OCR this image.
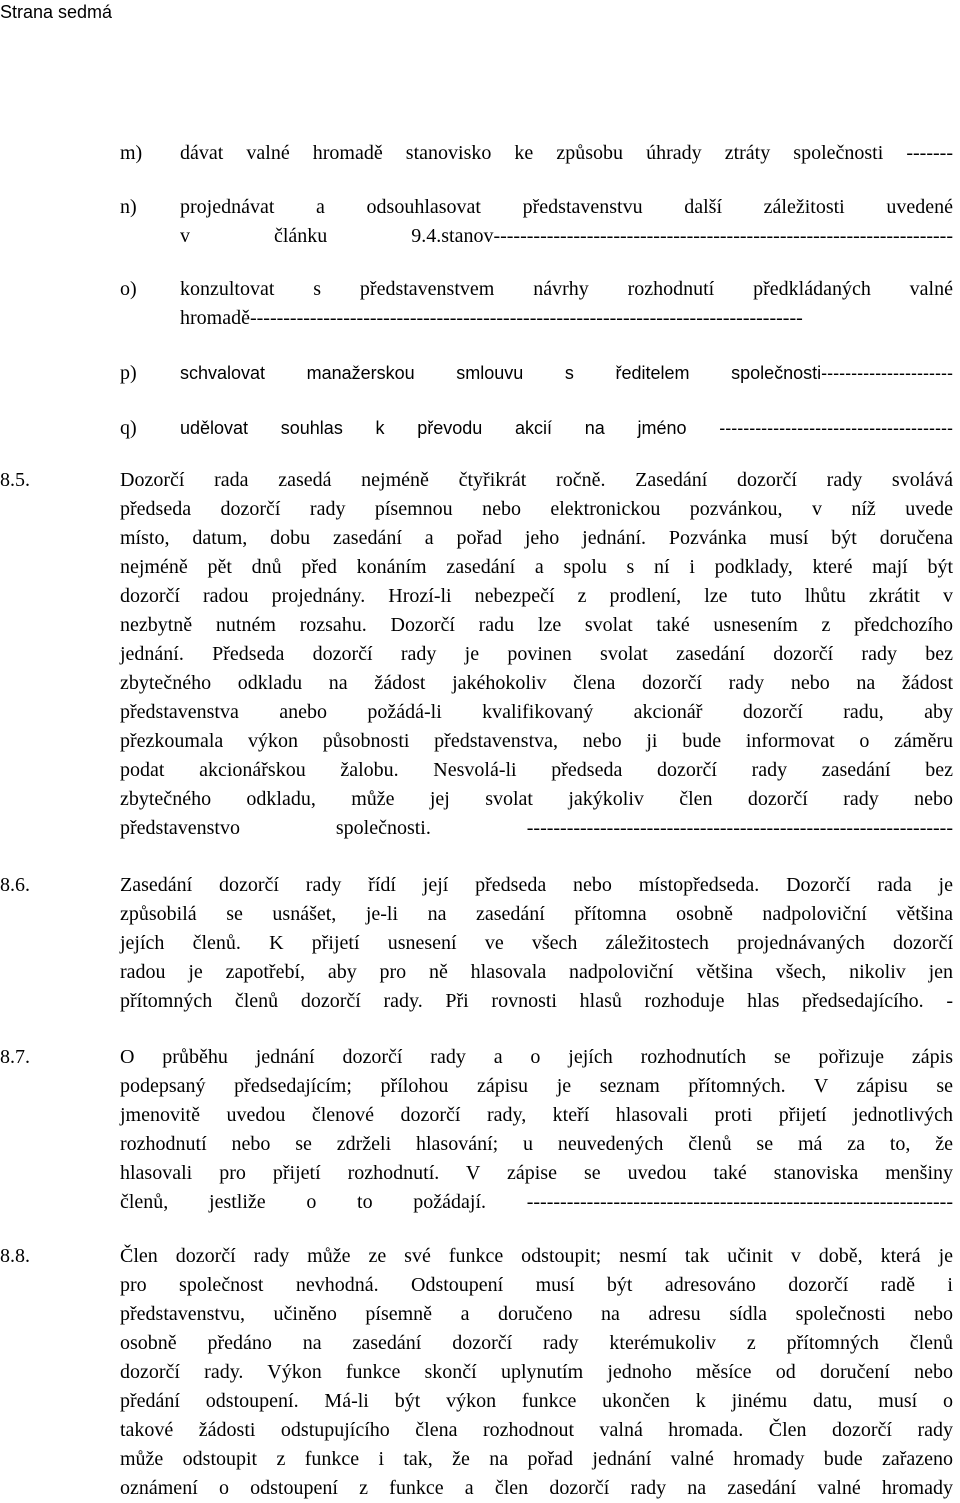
Strana sedmá
m) dávat valné hromadě stanovisko ke způsobu úhrady ztráty společnosti -------
n) projednávat a odsouhlasovat představenstvu další záležitosti uvedené
v článku 9.4.stanov---------------------------------------------------------------------
o) konzultovat s představenstvem návrhy rozhodnutí předkládaných valné
hromadě-----------------------------------------------------------------------------------
p) schvalovat manažerskou smlouvu s ředitelem společnosti----------------------
q) udělovat souhlas k převodu akcií na jméno ---------------------------------------
8.5.	Dozorčí rada zasedá nejméně čtyřikrát ročně. Zasedání dozorčí rady svolává
předseda dozorčí rady písemnou nebo elektronickou pozvánkou, v níž uvede
místo, datum, dobu zasedání a pořad jeho jednání. Pozvánka musí být doručena
nejméně pět dnů před konáním zasedání a spolu s ní i podklady, které mají být
dozorčí radou projednány. Hrozí-li nebezpečí z prodlení, lze tuto lhůtu zkrátit v
nezbytně nutném rozsahu. Dozorčí radu lze svolat také usnesením z předchozího
jednání. Předseda dozorčí rady je povinen svolat zasedání dozorčí rady bez
zbytečného odkladu na žádost jakéhokoliv člena dozorčí rady nebo na žádost
představenstva anebo požádá-li kvalifikovaný akcionář dozorčí radu, aby
přezkoumala výkon působnosti představenstva, nebo ji bude informovat o záměru
podat akcionářskou žalobu. Nesvolá-li předseda dozorčí rady zasedání bez
zbytečného odkladu, může jej svolat jakýkoliv člen dozorčí rady nebo
představenstvo společnosti. ----------------------------------------------------------------
8.6.	Zasedání dozorčí rady řídí její předseda nebo místopředseda. Dozorčí rada je
způsobilá se usnášet, je-li na zasedání přítomna osobně nadpoloviční většina
jejích členů. K přijetí usnesení ve všech záležitostech projednávaných dozorčí
radou je zapotřebí, aby pro ně hlasovala nadpoloviční většina všech, nikoliv jen
přítomných členů dozorčí rady. Při rovnosti hlasů rozhoduje hlas předsedajícího. -
8.7.	O průběhu jednání dozorčí rady a o jejích rozhodnutích se pořizuje zápis
podepsaný předsedajícím; přílohou zápisu je seznam přítomných. V zápisu se
jmenovitě uvedou členové dozorčí rady, kteří hlasovali proti přijetí jednotlivých
rozhodnutí nebo se zdrželi hlasování; u neuvedených členů se má za to, že
hlasovali pro přijetí rozhodnutí. V zápise se uvedou také stanoviska menšiny
členů, jestliže o to požádají. ----------------------------------------------------------------
8.8.	Člen dozorčí rady může ze své funkce odstoupit; nesmí tak učinit v době, která je
pro společnost nevhodná. Odstoupení musí být adresováno dozorčí radě i
představenstvu, učiněno písemně a doručeno na adresu sídla společnosti nebo
osobně předáno na zasedání dozorčí rady kterémukoliv z přítomných členů
dozorčí rady. Výkon funkce skončí uplynutím jednoho měsíce od doručení nebo
předání odstoupení. Má-li být výkon funkce ukončen k jinému datu, musí o
takové žádosti odstupujícího člena rozhodnout valná hromada. Člen dozorčí rady
může odstoupit z funkce i tak, že na pořad jednání valné hromady bude zařazeno
oznámení o odstoupení z funkce a člen dozorčí rady na zasedání valné hromady
